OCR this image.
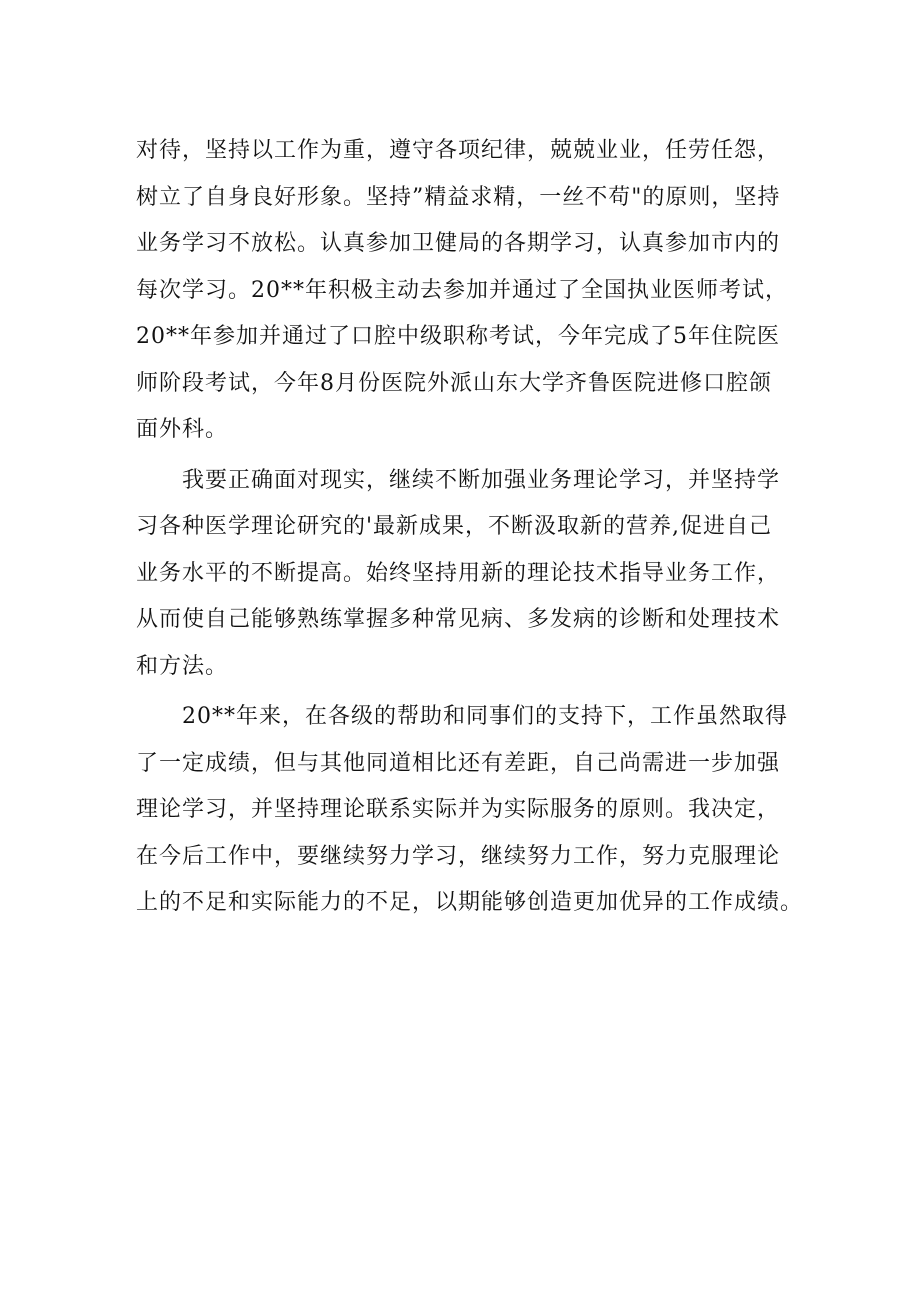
对待，坚持以工作为重，遵守各项纪律，兢兢业业，任劳任怨，
树立了自身良好形象。坚持”精益求精，一丝不苟"的原则，坚持
业务学习不放松。认真参加卫健局的各期学习，认真参加市内的
每次学习。20**年积极主动去参加并通过了全国执业医师考试，
20**年参加并通过了口腔中级职称考试，今年完成了5年住院医
师阶段考试，今年8月份医院外派山东大学齐鲁医院进修口腔颌
面外科。
我要正确面对现实，继续不断加强业务理论学习，并坚持学
习各种医学理论研究的'最新成果，不断汲取新的营养,促进自己
业务水平的不断提高。始终坚持用新的理论技术指导业务工作，
从而使自己能够熟练掌握多种常见病、多发病的诊断和处理技术
和方法。
20**年来，在各级的帮助和同事们的支持下，工作虽然取得
了一定成绩，但与其他同道相比还有差距，自己尚需进一步加强
理论学习，并坚持理论联系实际并为实际服务的原则。我决定，
在今后工作中，要继续努力学习，继续努力工作，努力克服理论
上的不足和实际能力的不足，以期能够创造更加优异的工作成绩。
